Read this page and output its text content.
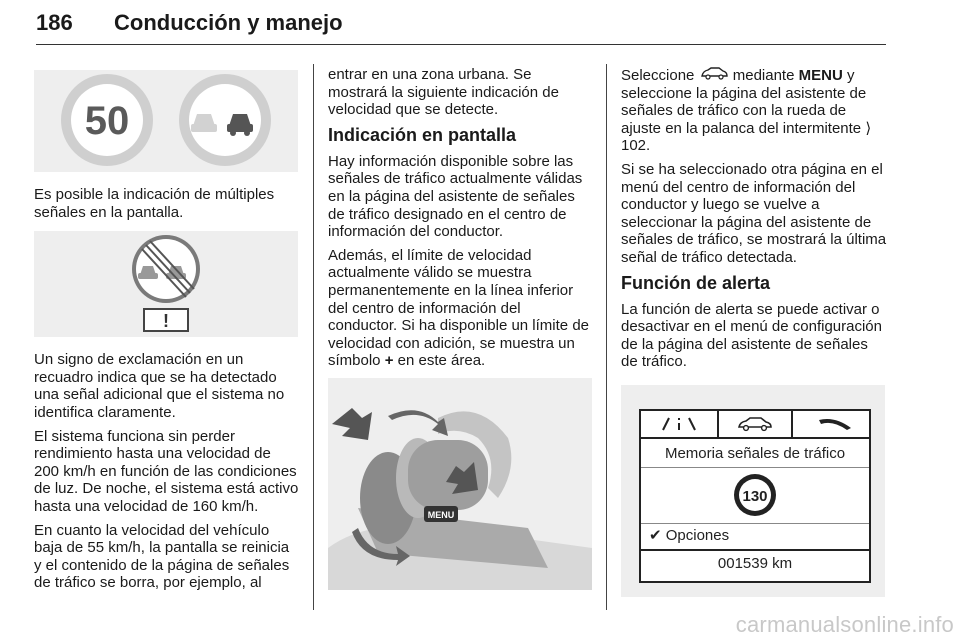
186 Conducción y manejo
50

Es posible la indicación de múltiples señales en la pantalla.

!

Un signo de exclamación en un recuadro indica que se ha detectado una señal adicional que el sistema no identifica claramente.

El sistema funciona sin perder rendimiento hasta una velocidad de 200 km/h en función de las condiciones de luz. De noche, el sistema está activo hasta una velocidad de 160 km/h.

En cuanto la velocidad del vehículo baja de 55 km/h, la pantalla se reinicia y el contenido de la página de señales de tráfico se borra, por ejemplo, al

entrar en una zona urbana. Se mostrará la siguiente indicación de velocidad que se detecte.

Indicación en pantalla

Hay información disponible sobre las señales de tráfico actualmente válidas en la página del asistente de señales de tráfico designado en el centro de información del conductor.

Además, el límite de velocidad actualmente válido se muestra permanentemente en la línea inferior del centro de información del conductor. Si ha disponible un límite de velocidad con adición, se muestra un símbolo + en este área.

MENU

Seleccione	mediante MENU y seleccione la página del asistente de señales de tráfico con la rueda de ajuste en la palanca del intermitente ⟩ 102.

Si se ha seleccionado otra página en el menú del centro de información del conductor y luego se vuelve a seleccionar la página del asistente de señales de tráfico, se mostrará la última señal de tráfico detectada.

Función de alerta

La función de alerta se puede activar o desactivar en el menú de configuración de la página del asistente de señales de tráfico.

Memoria señales de tráfico
130
✔ Opciones
001539 km
carmanualsonline.info
